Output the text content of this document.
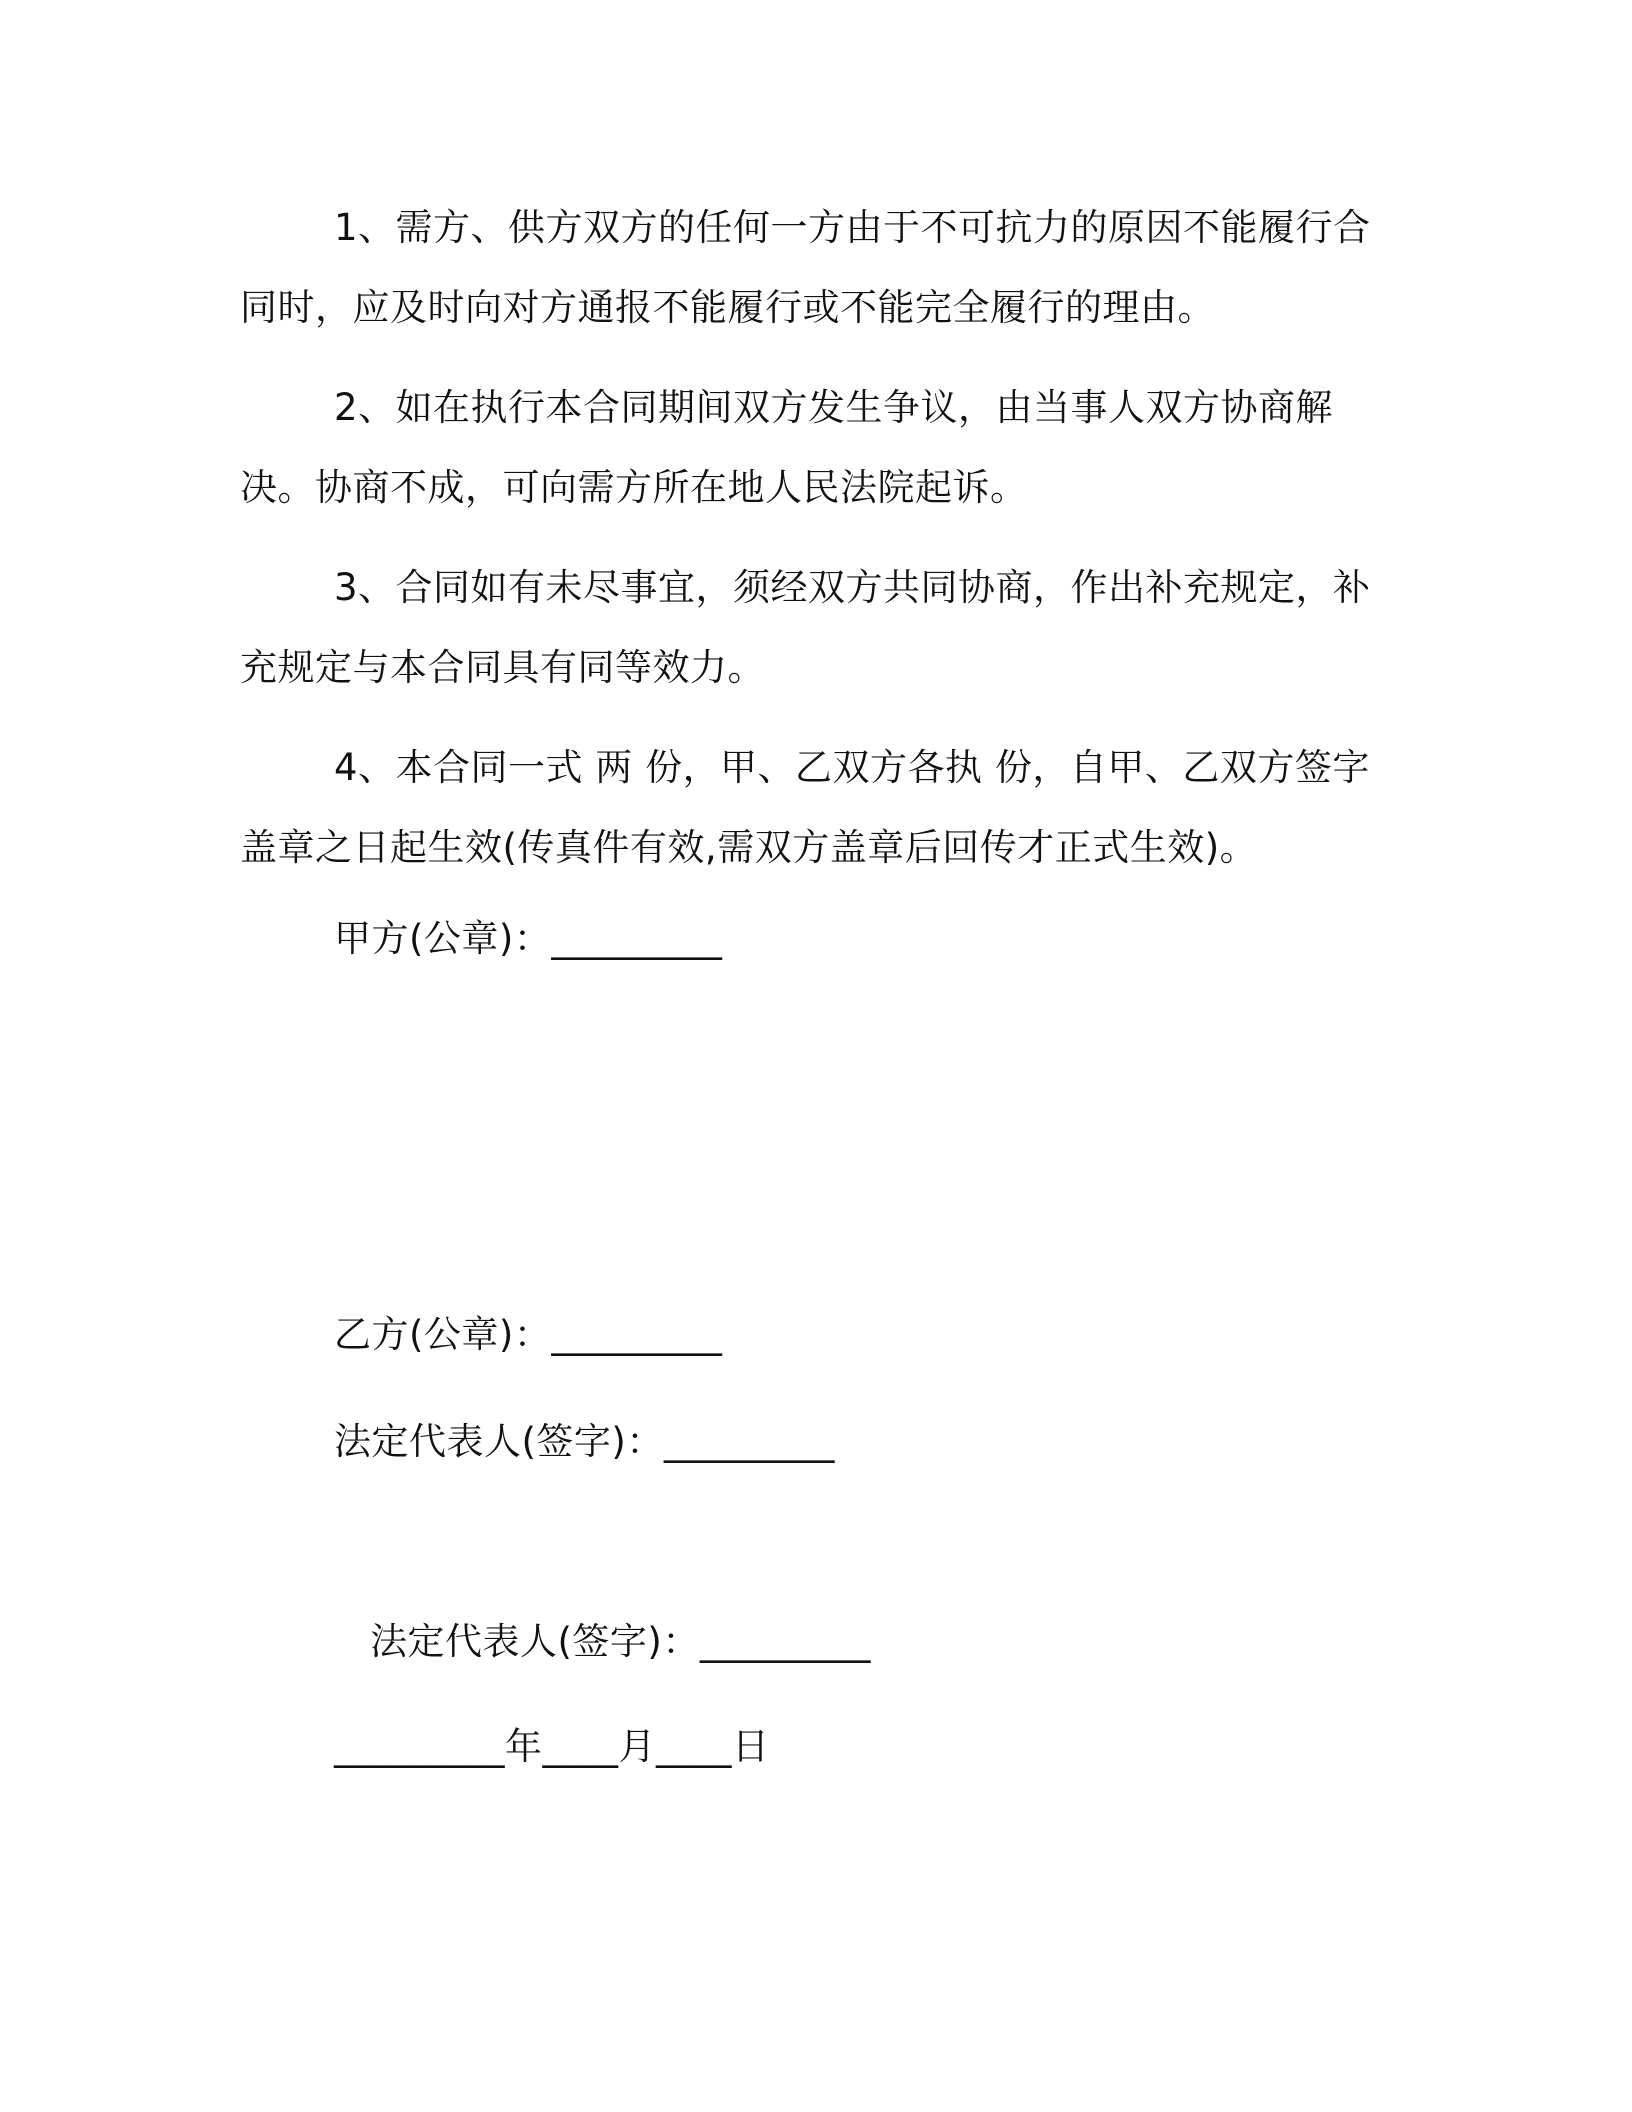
1、需方、供方双方的任何一方由于不可抗力的原因不能履行合同时，应及时向对方通报不能履行或不能完全履行的理由。

2、如在执行本合同期间双方发生争议，由当事人双方协商解决。协商不成，可向需方所在地人民法院起诉。

3、合同如有未尽事宜，须经双方共同协商，作出补充规定，补充规定与本合同具有同等效力。

4、本合同一式 两 份，甲、乙双方各执 份，自甲、乙双方签字盖章之日起生效(传真件有效,需双方盖章后回传才正式生效)。

甲方(公章)：_________

乙方(公章)：_________

法定代表人(签字)：_________

法定代表人(签字)：_________

_________年____月____日
